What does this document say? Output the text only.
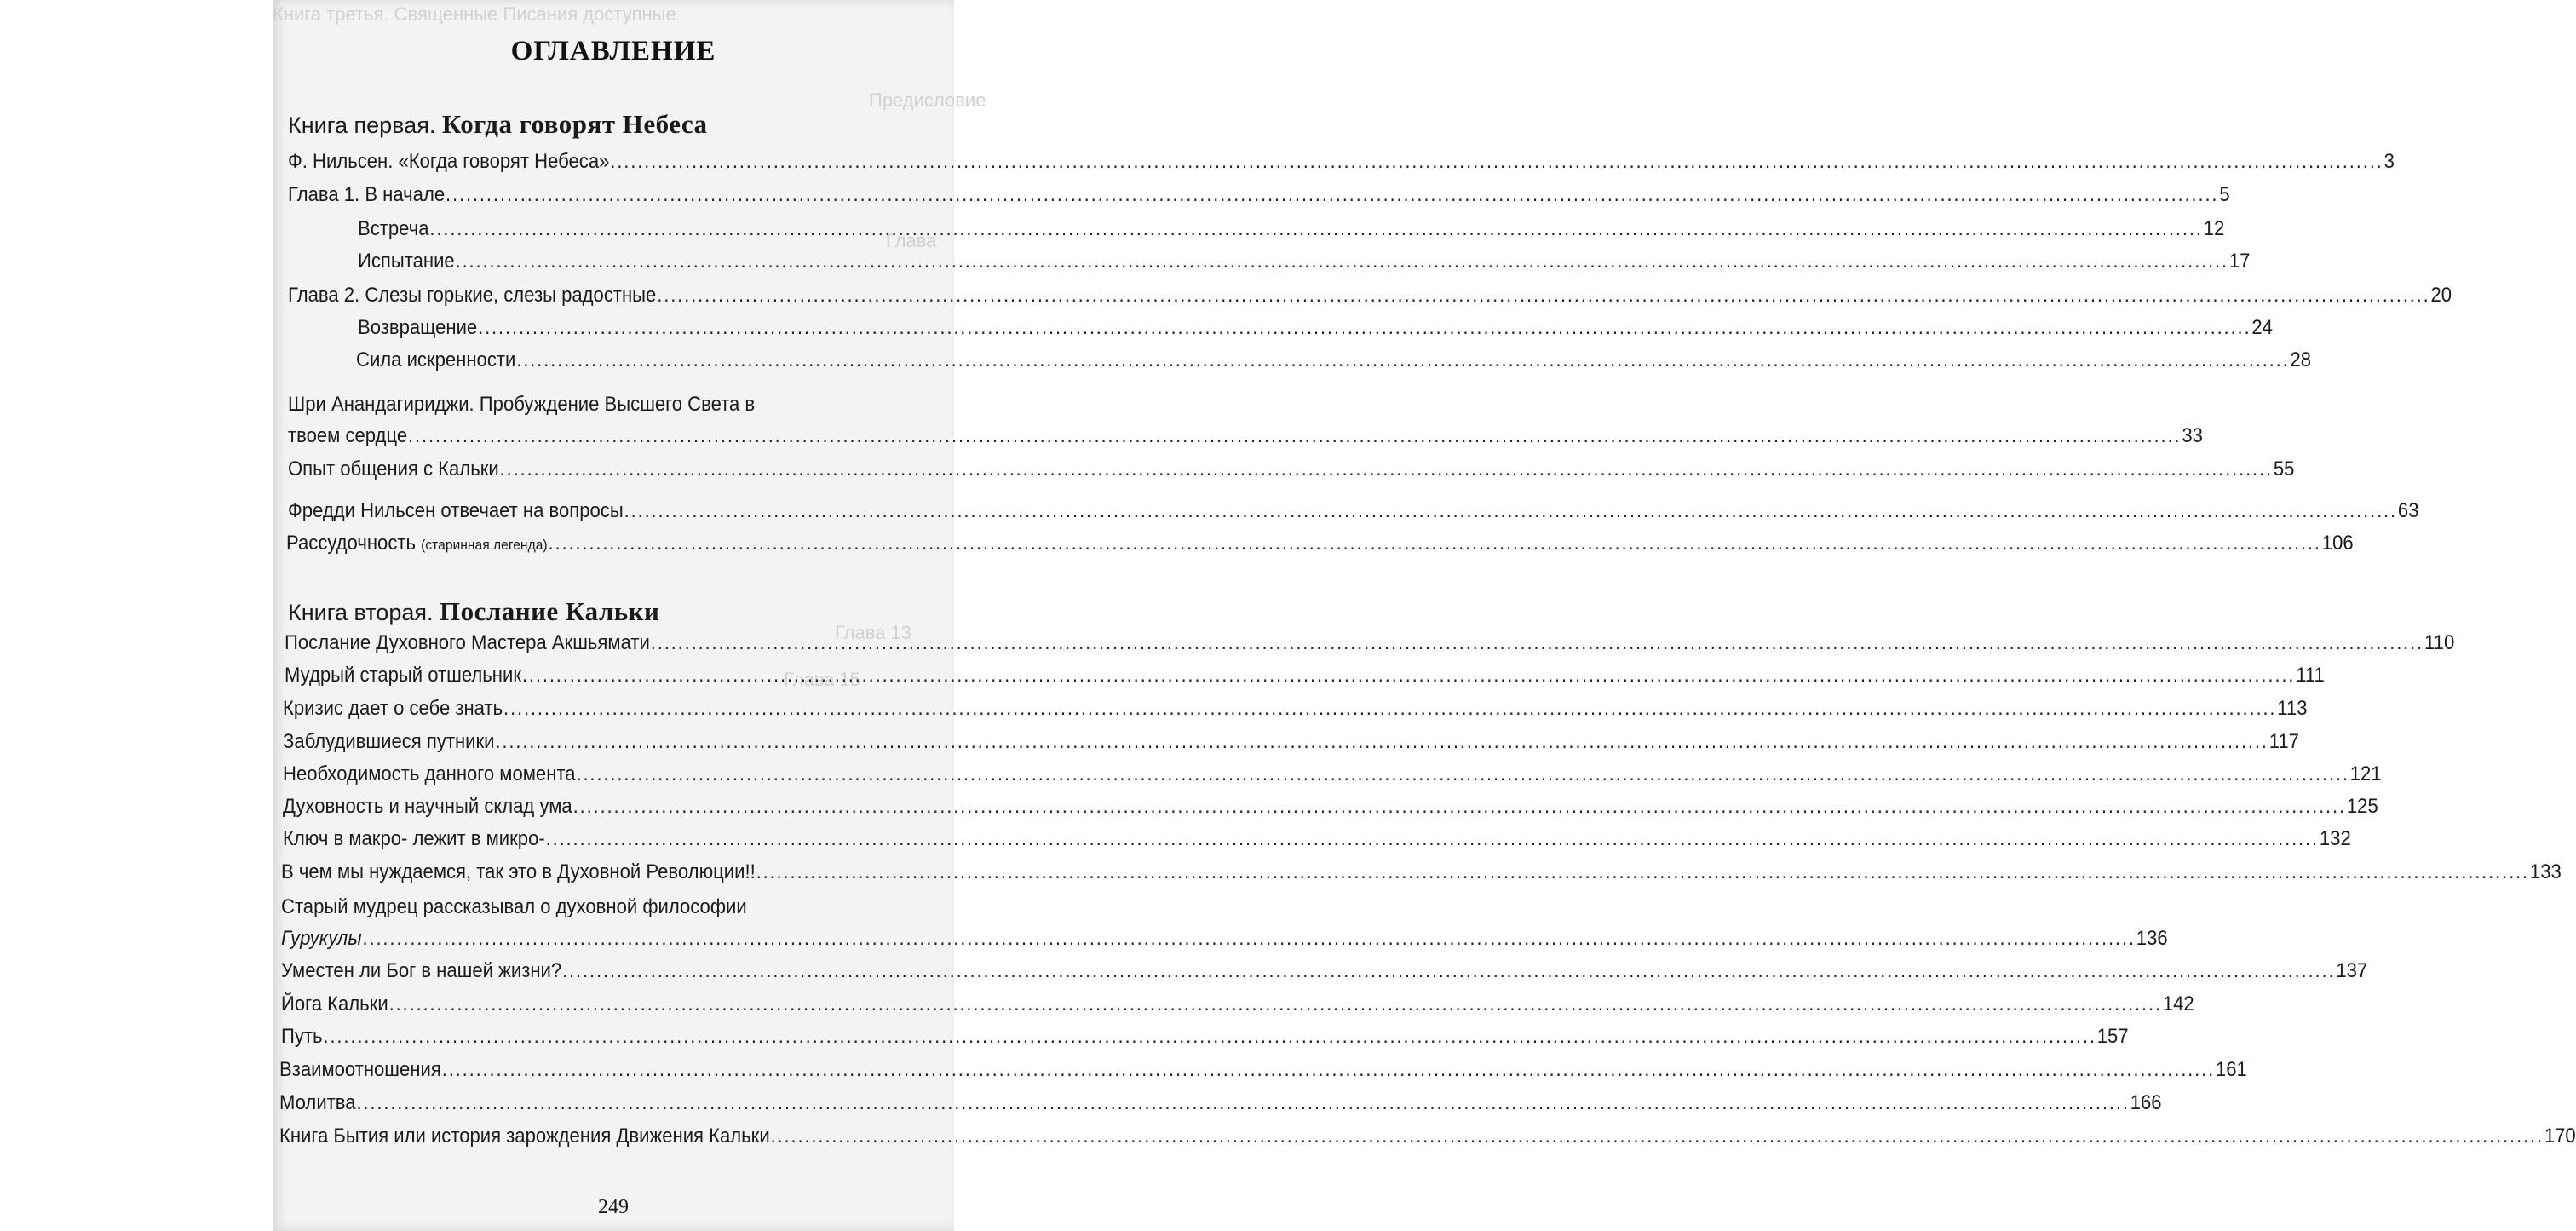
Книга третья. Священные Писания доступные
Предисловие
Глава
Глава 13
Глава 15
ОГЛАВЛЕНИЕ
Книга первая. Когда говорят Небеса
Ф. Нильсен. «Когда говорят Небеса» .....	3
Глава 1. В начале .....	5
Встреча .....	12
Испытание .....	17
Глава 2. Слезы горькие, слезы радостные .....	20
Возвращение .....	24
Сила искренности .....	28
Шри Анандагириджи. Пробуждение Высшего Света в
твоем сердце .....	33
Опыт общения с Кальки .....	55
Фредди Нильсен отвечает на вопросы .....	63
Рассудочность (старинная легенда) .....	106
Книга вторая. Послание Кальки
Послание Духовного Мастера Акшьямати .....	110
Мудрый старый отшельник .....	111
Кризис дает о себе знать .....	113
Заблудившиеся путники .....	117
Необходимость данного момента .....	121
Духовность и научный склад ума .....	125
Ключ в макро- лежит в микро- .....	132
В чем мы нуждаемся, так это в Духовной Революции!! .....	133
Старый мудрец рассказывал о духовной философии
Гурукулы .....	136
Уместен ли Бог в нашей жизни? .....	137
Йога Кальки .....	142
Путь .....	157
Взаимоотношения .....	161
Молитва .....	166
Книга Бытия или история зарождения Движения Кальки .....	170
249
